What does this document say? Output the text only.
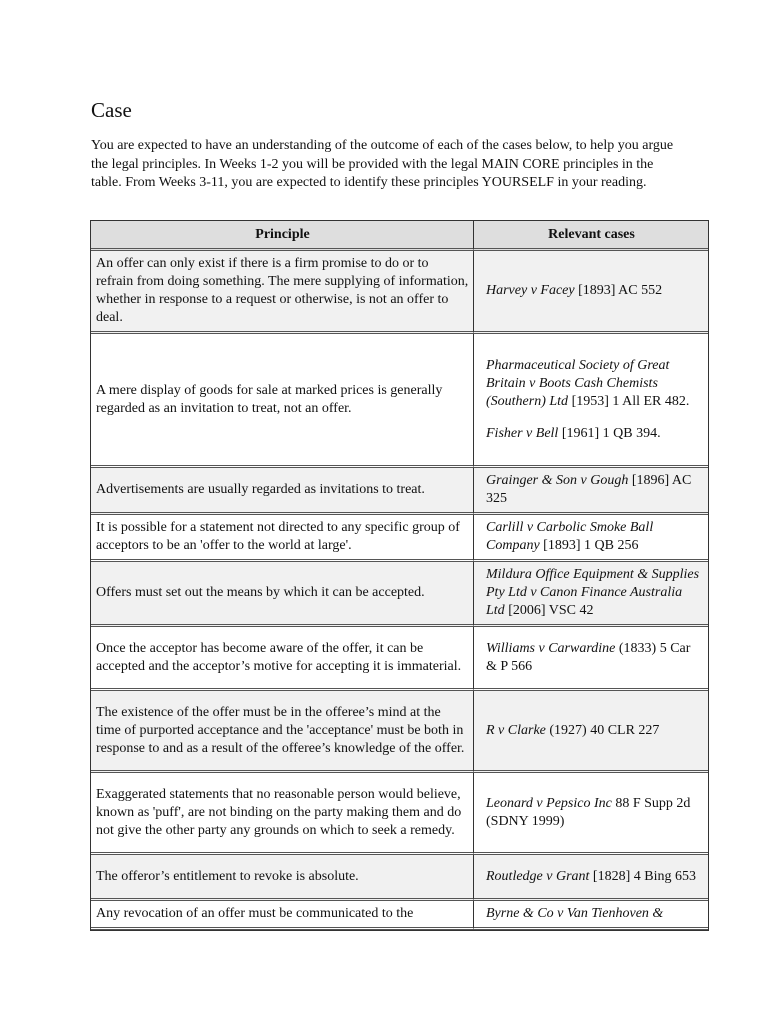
Case

You are expected to have an understanding of the outcome of each of the cases below, to help you argue the legal principles. In Weeks 1-2 you will be provided with the legal MAIN CORE principles in the table. From Weeks 3-11, you are expected to identify these principles YOURSELF in your reading.

Principle	Relevant cases
An offer can only exist if there is a firm promise to do or to refrain from doing something. The mere supplying of information, whether in response to a request or otherwise, is not an offer to deal.	Harvey v Facey [1893] AC 552

A mere display of goods for sale at marked prices is generally regarded as an invitation to treat, not an offer.	Pharmaceutical Society of Great Britain v Boots Cash Chemists (Southern) Ltd [1953] 1 All ER 482.
Fisher v Bell [1961] 1 QB 394.

Advertisements are usually regarded as invitations to treat.	Grainger & Son v Gough [1896] AC 325

It is possible for a statement not directed to any specific group of acceptors to be an 'offer to the world at large'.	Carlill v Carbolic Smoke Ball Company [1893] 1 QB 256

Offers must set out the means by which it can be accepted.	Mildura Office Equipment & Supplies Pty Ltd v Canon Finance Australia Ltd [2006] VSC 42

Once the acceptor has become aware of the offer, it can be accepted and the acceptor’s motive for accepting it is immaterial.	Williams v Carwardine (1833) 5 Car & P 566

The existence of the offer must be in the offeree’s mind at the time of purported acceptance and the 'acceptance' must be both in response to and as a result of the offeree’s knowledge of the offer.	R v Clarke (1927) 40 CLR 227

Exaggerated statements that no reasonable person would believe, known as 'puff', are not binding on the party making them and do not give the other party any grounds on which to seek a remedy.	Leonard v Pepsico Inc 88 F Supp 2d (SDNY 1999)

The offeror’s entitlement to revoke is absolute.	Routledge v Grant [1828] 4 Bing 653

Any revocation of an offer must be communicated to the	Byrne & Co v Van Tienhoven &
